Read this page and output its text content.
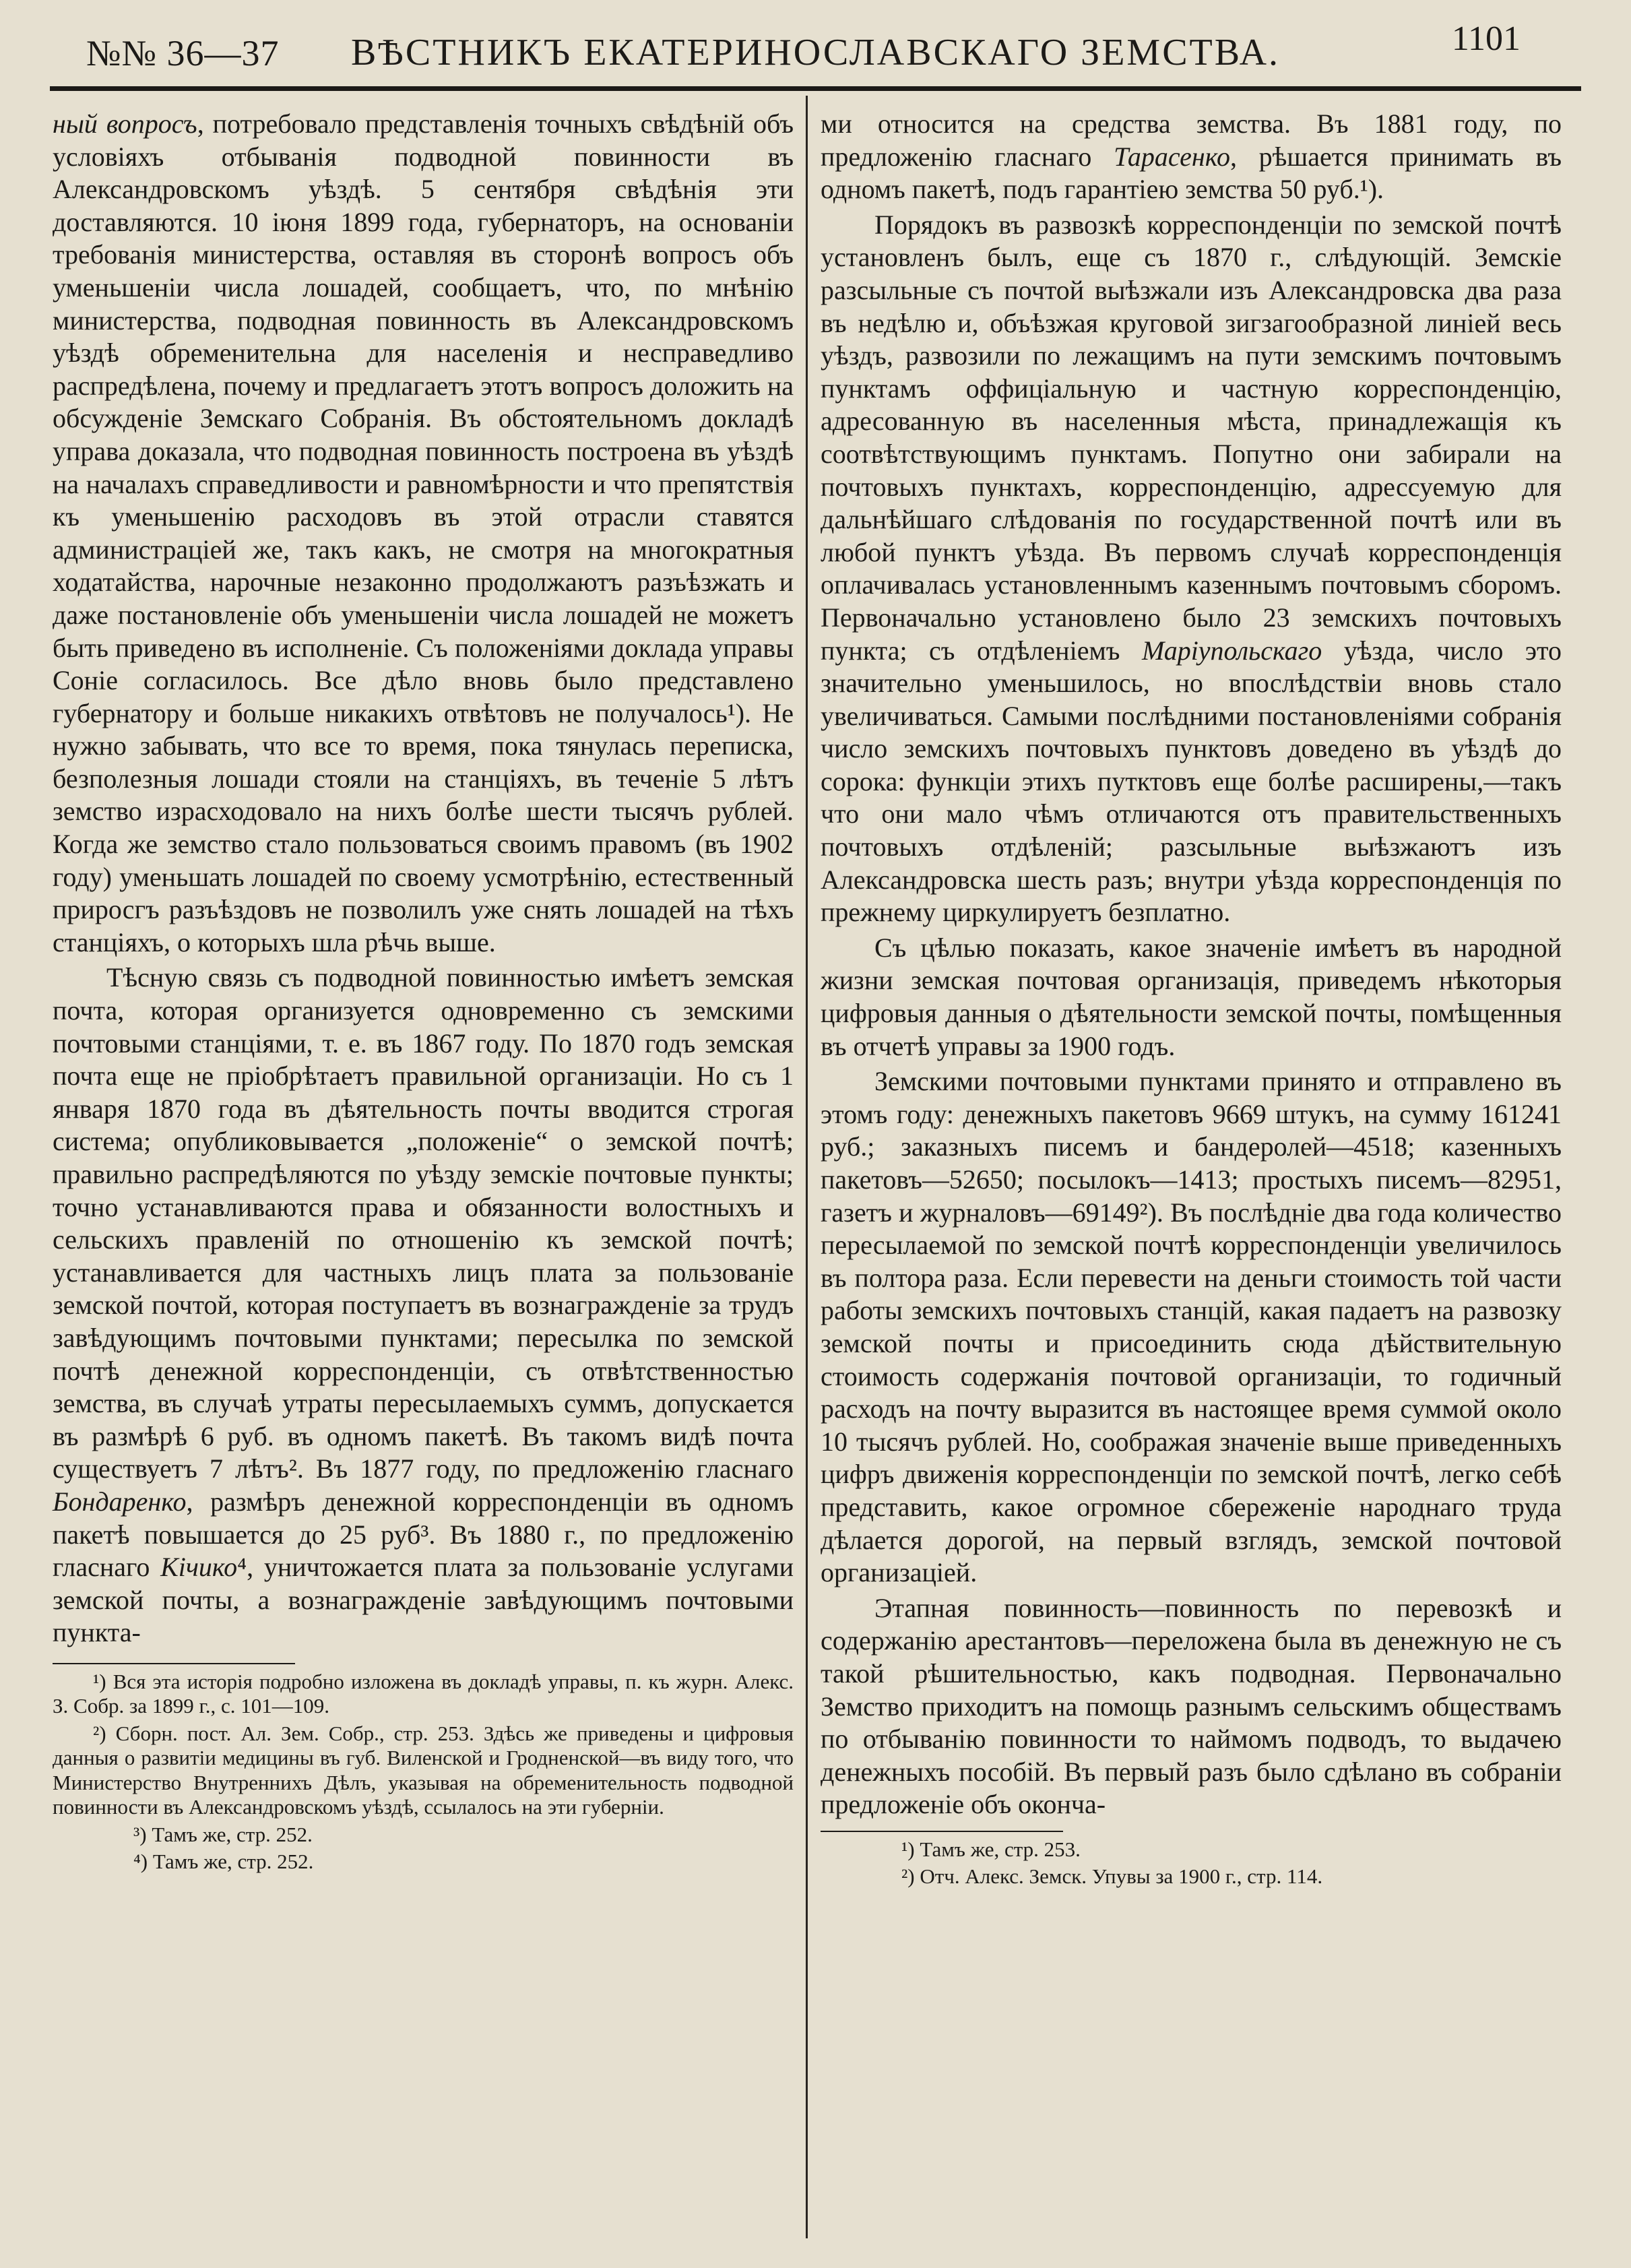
№№ 36—37	ВѢСТНИКЪ ЕКАТЕРИНОСЛАВСКАГО ЗЕМСТВА.	1101

ный вопросъ, потребовало представленія точныхъ свѣдѣній объ условіяхъ отбыванія подводной повинности въ Александровскомъ уѣздѣ. 5 сентября свѣдѣнія эти доставляются. 10 іюня 1899 года, губернаторъ, на основаніи требованія министерства, оставляя въ сторонѣ вопросъ объ уменьшеніи числа лошадей, сообщаетъ, что, по мнѣнію министерства, подводная повинность въ Александровскомъ уѣздѣ обременительна для населенія и несправедливо распредѣлена, почему и предлагаетъ этотъ вопросъ доложить на обсужденіе Земскаго Собранія. Въ обстоятельномъ докладѣ управа доказала, что подводная повинность построена въ уѣздѣ на началахъ справедливости и равномѣрности и что препятствія къ уменьшенію расходовъ въ этой отрасли ставятся администраціей же, такъ какъ, не смотря на многократныя ходатайства, нарочные незаконно продолжаютъ разъѣзжать и даже постановленіе объ уменьшеніи числа лошадей не можетъ быть приведено въ исполненіе. Съ положеніями доклада управы Соніе согласилось. Все дѣло вновь было представлено губернатору и больше никакихъ отвѣтовъ не получалось¹). Не нужно забывать, что все то время, пока тянулась переписка, безполезныя лошади стояли на станціяхъ, въ теченіе 5 лѣтъ земство израсходовало на нихъ болѣе шести тысячъ рублей. Когда же земство стало пользоваться своимъ правомъ (въ 1902 году) уменьшать лошадей по своему усмотрѣнію, естественный приросгъ разъѣздовъ не позволилъ уже снять лошадей на тѣхъ станціяхъ, о которыхъ шла рѣчь выше.

Тѣсную связь съ подводной повинностью имѣетъ земская почта, которая организуется одновременно съ земскими почтовыми станціями, т. е. въ 1867 году. По 1870 годъ земская почта еще не пріобрѣтаетъ правильной организаціи. Но съ 1 января 1870 года въ дѣятельность почты вводится строгая система; опубликовывается „положеніе“ о земской почтѣ; правильно распредѣляются по уѣзду земскіе почтовые пункты; точно устанавливаются права и обязанности волостныхъ и сельскихъ правленій по отношенію къ земской почтѣ; устанавливается для частныхъ лицъ плата за пользованіе земской почтой, которая поступаетъ въ вознагражденіе за трудъ завѣдующимъ почтовыми пунктами; пересылка по земской почтѣ денежной корреспонденціи, съ отвѣтственностью земства, въ случаѣ утраты пересылаемыхъ суммъ, допускается въ размѣрѣ 6 руб. въ одномъ пакетѣ. Въ такомъ видѣ почта существуетъ 7 лѣтъ². Въ 1877 году, по предложенію гласнаго Бондаренко, размѣръ денежной корреспонденціи въ одномъ пакетѣ повышается до 25 руб³. Въ 1880 г., по предложенію гласнаго Кічико⁴, уничтожается плата за пользованіе услугами земской почты, а вознагражденіе завѣдующимъ почтовыми пункта-

¹) Вся эта исторія подробно изложена въ докладѣ управы, п. къ журн. Алекс. З. Собр. за 1899 г., с. 101—109.

²) Сборн. пост. Ал. Зем. Собр., стр. 253. Здѣсь же приведены и цифровыя данныя о развитіи медицины въ губ. Виленской и Гродненской—въ виду того, что Министерство Внутреннихъ Дѣлъ, указывая на обременительность подводной повинности въ Александровскомъ уѣздѣ, ссылалось на эти губерніи.

³) Тамъ же, стр. 252.

⁴) Тамъ же, стр. 252.

ми относится на средства земства. Въ 1881 году, по предложенію гласнаго Тарасенко, рѣшается принимать въ одномъ пакетѣ, подъ гарантіею земства 50 руб.¹).

Порядокъ въ развозкѣ корреспонденціи по земской почтѣ установленъ былъ, еще съ 1870 г., слѣдующій. Земскіе разсыльные съ почтой выѣзжали изъ Александровска два раза въ недѣлю и, объѣзжая круговой зигзагообразной линіей весь уѣздъ, развозили по лежащимъ на пути земскимъ почтовымъ пунктамъ оффиціальную и частную корреспонденцію, адресованную въ населенныя мѣста, принадлежащія къ соотвѣтствующимъ пунктамъ. Попутно они забирали на почтовыхъ пунктахъ, корреспонденцію, адрессуемую для дальнѣйшаго слѣдованія по государственной почтѣ или въ любой пунктъ уѣзда. Въ первомъ случаѣ корреспонденція оплачивалась установленнымъ казеннымъ почтовымъ сборомъ. Первоначально установлено было 23 земскихъ почтовыхъ пункта; съ отдѣленіемъ Маріупольскаго уѣзда, число это значительно уменьшилось, но впослѣдствіи вновь стало увеличиваться. Самыми послѣдними постановленіями собранія число земскихъ почтовыхъ пунктовъ доведено въ уѣздѣ до сорока: функціи этихъ путктовъ еще болѣе расширены,—такъ что они мало чѣмъ отличаются отъ правительственныхъ почтовыхъ отдѣленій; разсыльные выѣзжаютъ изъ Александровска шесть разъ; внутри уѣзда корреспонденція по прежнему циркулируетъ безплатно.

Съ цѣлью показать, какое значеніе имѣетъ въ народной жизни земская почтовая организація, приведемъ нѣкоторыя цифровыя данныя о дѣятельности земской почты, помѣщенныя въ отчетѣ управы за 1900 годъ.

Земскими почтовыми пунктами принято и отправлено въ этомъ году: денежныхъ пакетовъ 9669 штукъ, на сумму 161241 руб.; заказныхъ писемъ и бандеролей—4518; казенныхъ пакетовъ—52650; посылокъ—1413; простыхъ писемъ—82951, газетъ и журналовъ—69149²). Въ послѣдніе два года количество пересылаемой по земской почтѣ корреспонденціи увеличилось въ полтора раза. Если перевести на деньги стоимость той части работы земскихъ почтовыхъ станцій, какая падаетъ на развозку земской почты и присоединить сюда дѣйствительную стоимость содержанія почтовой организаціи, то годичный расходъ на почту выразится въ настоящее время суммой около 10 тысячъ рублей. Но, соображая значеніе выше приведенныхъ цифръ движенія корреспонденціи по земской почтѣ, легко себѣ представить, какое огромное сбереженіе народнаго труда дѣлается дорогой, на первый взглядъ, земской почтовой организаціей.

Этапная повинность—повинность по перевозкѣ и содержанію арестантовъ—переложена была въ денежную не съ такой рѣшительностью, какъ подводная. Первоначально Земство приходитъ на помощь разнымъ сельскимъ обществамъ по отбыванію повинности то наймомъ подводъ, то выдачею денежныхъ пособій. Въ первый разъ было сдѣлано въ собраніи предложеніе объ оконча-

¹) Тамъ же, стр. 253.

²) Отч. Алекс. Земск. Упувы за 1900 г., стр. 114.
